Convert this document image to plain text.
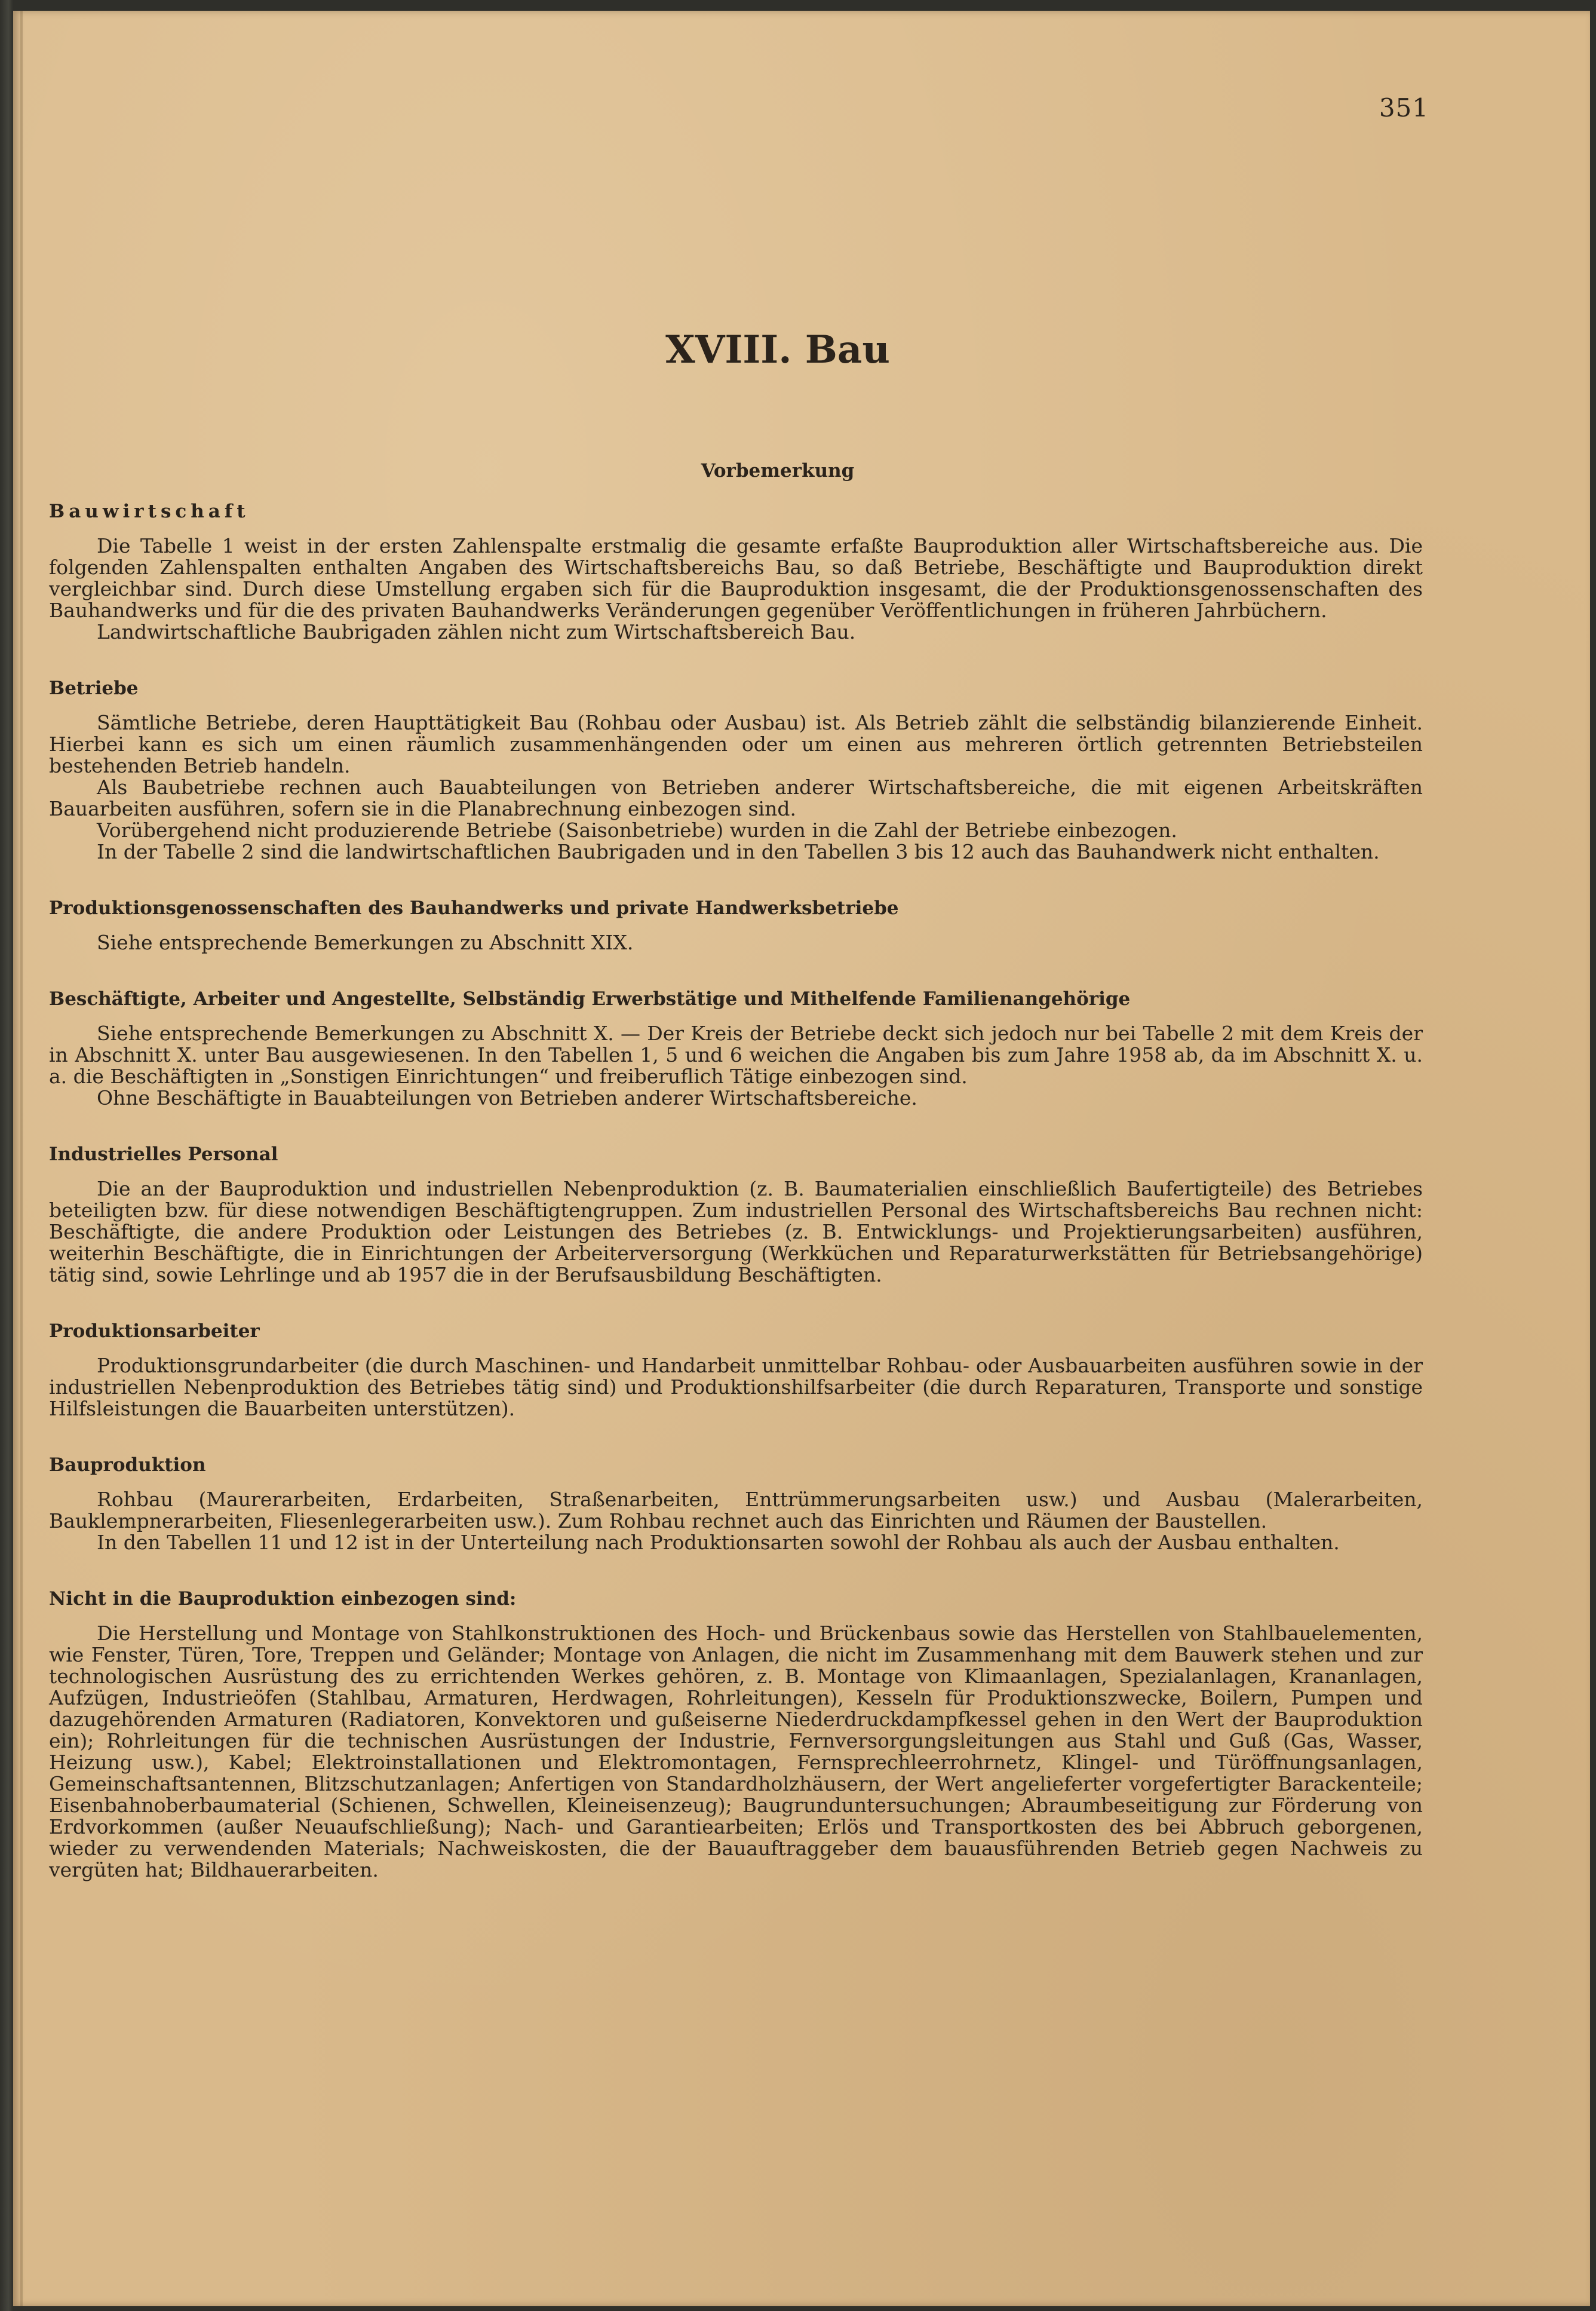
351
XVIII. Bau
Vorbemerkung
Bauwirtschaft

Die Tabelle 1 weist in der ersten Zahlenspalte erstmalig die gesamte erfaßte Bauproduktion aller Wirtschaftsbereiche aus. Die folgenden Zahlenspalten enthalten Angaben des Wirtschaftsbereichs Bau, so daß Betriebe, Beschäftigte und Bauproduktion direkt vergleichbar sind. Durch diese Umstellung ergaben sich für die Bauproduktion insgesamt, die der Produktionsgenossenschaften des Bauhandwerks und für die des privaten Bauhandwerks Veränderungen gegenüber Veröffentlichungen in früheren Jahrbüchern.

Landwirtschaftliche Baubrigaden zählen nicht zum Wirtschaftsbereich Bau.

Betriebe

Sämtliche Betriebe, deren Haupttätigkeit Bau (Rohbau oder Ausbau) ist. Als Betrieb zählt die selbständig bilanzierende Einheit. Hierbei kann es sich um einen räumlich zusammenhängenden oder um einen aus mehreren örtlich getrennten Betriebsteilen bestehenden Betrieb handeln.

Als Baubetriebe rechnen auch Bauabteilungen von Betrieben anderer Wirtschaftsbereiche, die mit eigenen Arbeitskräften Bauarbeiten ausführen, sofern sie in die Planabrechnung einbezogen sind.

Vorübergehend nicht produzierende Betriebe (Saisonbetriebe) wurden in die Zahl der Betriebe einbezogen.

In der Tabelle 2 sind die landwirtschaftlichen Baubrigaden und in den Tabellen 3 bis 12 auch das Bauhandwerk nicht enthalten.

Produktionsgenossenschaften des Bauhandwerks und private Handwerksbetriebe

Siehe entsprechende Bemerkungen zu Abschnitt XIX.

Beschäftigte, Arbeiter und Angestellte, Selbständig Erwerbstätige und Mithelfende Familienangehörige

Siehe entsprechende Bemerkungen zu Abschnitt X. — Der Kreis der Betriebe deckt sich jedoch nur bei Tabelle 2 mit dem Kreis der in Abschnitt X. unter Bau ausgewiesenen. In den Tabellen 1, 5 und 6 weichen die Angaben bis zum Jahre 1958 ab, da im Abschnitt X. u. a. die Beschäftigten in „Sonstigen Einrichtungen“ und freiberuflich Tätige einbezogen sind.

Ohne Beschäftigte in Bauabteilungen von Betrieben anderer Wirtschaftsbereiche.

Industrielles Personal

Die an der Bauproduktion und industriellen Nebenproduktion (z. B. Baumaterialien einschließlich Baufertigteile) des Betriebes beteiligten bzw. für diese notwendigen Beschäftigtengruppen. Zum industriellen Personal des Wirtschaftsbereichs Bau rechnen nicht: Beschäftigte, die andere Produktion oder Leistungen des Betriebes (z. B. Entwicklungs- und Projektierungsarbeiten) ausführen, weiterhin Beschäftigte, die in Einrichtungen der Arbeiterversorgung (Werkküchen und Reparaturwerkstätten für Betriebsangehörige) tätig sind, sowie Lehrlinge und ab 1957 die in der Berufsausbildung Beschäftigten.

Produktionsarbeiter

Produktionsgrundarbeiter (die durch Maschinen- und Handarbeit unmittelbar Rohbau- oder Ausbauarbeiten ausführen sowie in der industriellen Nebenproduktion des Betriebes tätig sind) und Produktionshilfsarbeiter (die durch Reparaturen, Transporte und sonstige Hilfsleistungen die Bauarbeiten unterstützen).

Bauproduktion

Rohbau (Maurerarbeiten, Erdarbeiten, Straßenarbeiten, Enttrümmerungsarbeiten usw.) und Ausbau (Malerarbeiten, Bauklempnerarbeiten, Fliesenlegerarbeiten usw.). Zum Rohbau rechnet auch das Einrichten und Räumen der Baustellen.

In den Tabellen 11 und 12 ist in der Unterteilung nach Produktionsarten sowohl der Rohbau als auch der Ausbau enthalten.

Nicht in die Bauproduktion einbezogen sind:

Die Herstellung und Montage von Stahlkonstruktionen des Hoch- und Brückenbaus sowie das Herstellen von Stahlbauelementen, wie Fenster, Türen, Tore, Treppen und Geländer; Montage von Anlagen, die nicht im Zusammenhang mit dem Bauwerk stehen und zur technologischen Ausrüstung des zu errichtenden Werkes gehören, z. B. Montage von Klimaanlagen, Spezialanlagen, Krananlagen, Aufzügen, Industrieöfen (Stahlbau, Armaturen, Herdwagen, Rohrleitungen), Kesseln für Produktionszwecke, Boilern, Pumpen und dazugehörenden Armaturen (Radiatoren, Konvektoren und gußeiserne Niederdruckdampfkessel gehen in den Wert der Bauproduktion ein); Rohrleitungen für die technischen Ausrüstungen der Industrie, Fernversorgungsleitungen aus Stahl und Guß (Gas, Wasser, Heizung usw.), Kabel; Elektroinstallationen und Elektromontagen, Fernsprechleerrohrnetz, Klingel- und Türöffnungsanlagen, Gemeinschaftsantennen, Blitzschutzanlagen; Anfertigen von Standardholzhäusern, der Wert angelieferter vorgefertigter Barackenteile; Eisenbahnoberbaumaterial (Schienen, Schwellen, Kleineisenzeug); Baugrunduntersuchungen; Abraumbeseitigung zur Förderung von Erdvorkommen (außer Neuaufschließung); Nach- und Garantiearbeiten; Erlös und Transportkosten des bei Abbruch geborgenen, wieder zu verwendenden Materials; Nachweiskosten, die der Bauauftraggeber dem bauausführenden Betrieb gegen Nachweis zu vergüten hat; Bildhauerarbeiten.
